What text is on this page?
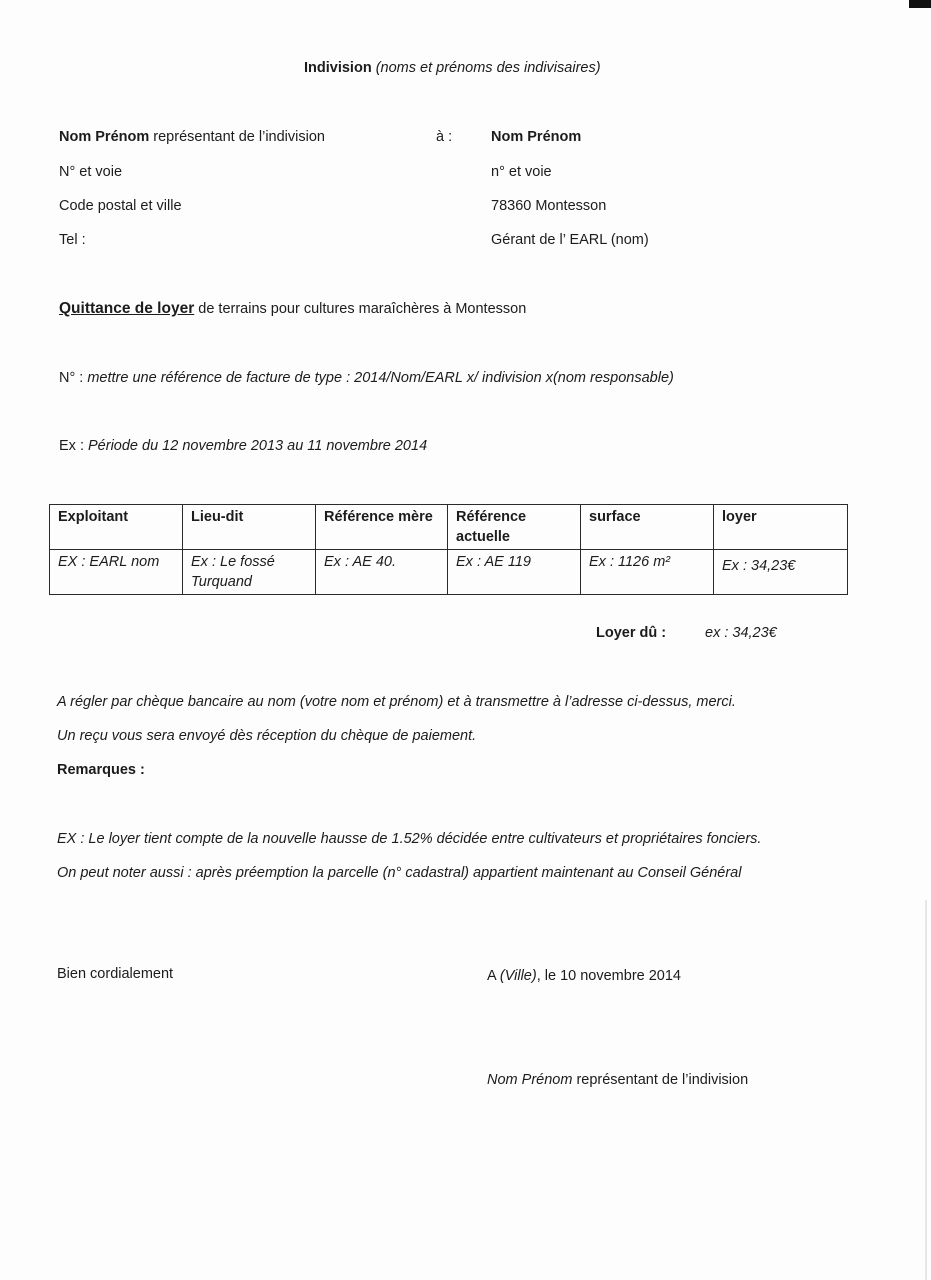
Indivision (noms et prénoms des indivisaires)
Nom Prénom représentant de l’indivision
N° et voie
Code postal et ville
Tel :
à :	Nom Prénom
n° et voie
78360 Montesson
Gérant de l’ EARL (nom)
Quittance de loyer de terrains pour cultures maraîchères à Montesson
N° : mettre une référence de facture de type : 2014/Nom/EARL x/ indivision x(nom responsable)
Ex : Période du 12 novembre 2013 au 11 novembre 2014
Exploitant	Lieu-dit	Référence mère	Référence actuelle	surface	loyer
EX : EARL nom	Ex : Le fossé Turquand	Ex : AE 40.	Ex : AE 119	Ex : 1126 m²	Ex : 34,23€
Loyer dû :	ex : 34,23€
A régler par chèque bancaire au nom (votre nom et prénom) et à transmettre à l’adresse ci-dessus, merci.
Un reçu vous sera envoyé dès réception du chèque de paiement.
Remarques :
EX : Le loyer tient compte de la nouvelle hausse de 1.52% décidée entre cultivateurs et propriétaires fonciers.
On peut noter aussi : après préemption la parcelle (n° cadastral) appartient maintenant au Conseil Général
Bien cordialement	A (Ville), le 10 novembre 2014
Nom Prénom représentant de l’indivision
